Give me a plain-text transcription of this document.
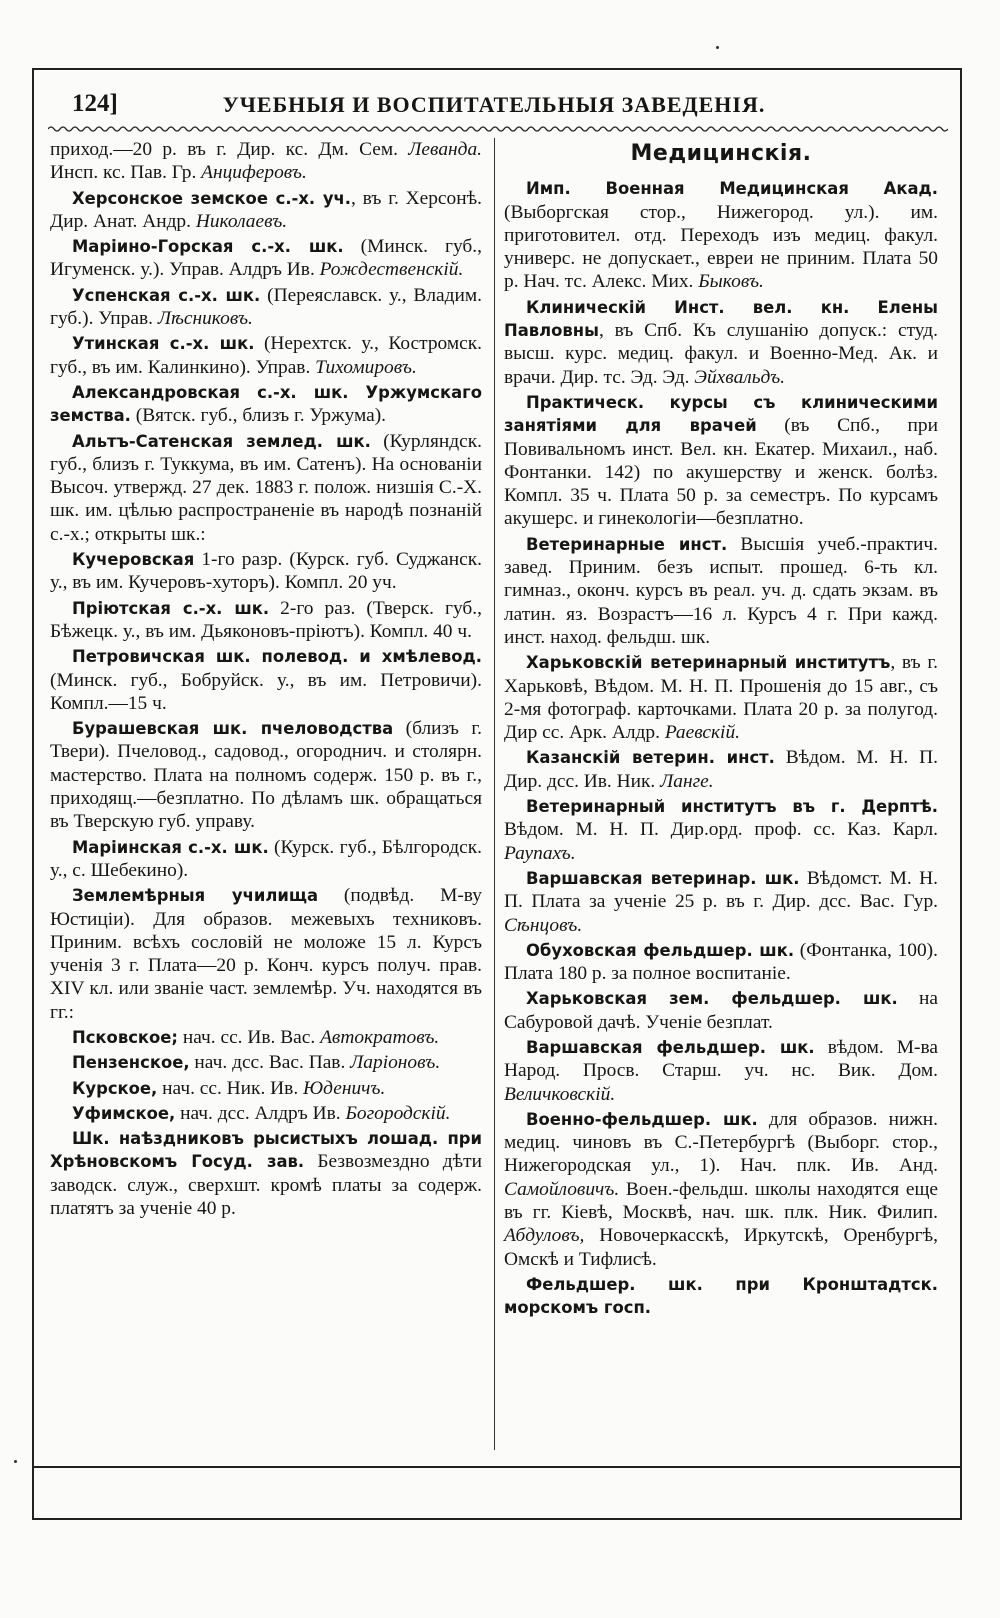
124]	УЧЕБНЫЯ И ВОСПИТАТЕЛЬНЫЯ ЗАВЕДЕНІЯ.
приход.—20 р. въ г. Дир. кс. Дм. Сем. Леванда. Инсп. кс. Пав. Гр. Анциферовъ.
Херсонское земское с.-х. уч., въ г. Херсонѣ. Дир. Анат. Андр. Николаевъ.
Маріино-Горская с.-х. шк. (Минск. губ., Игуменск. у.). Управ. Алдръ Ив. Рождественскій.
Успенская с.-х. шк. (Переяславск. у., Владим. губ.). Управ. Лѣсниковъ.
Утинская с.-х. шк. (Нерехтск. у., Костромск. губ., въ им. Калинкино). Управ. Тихомировъ.
Александровская с.-х. шк. Уржумскаго земства. (Вятск. губ., близъ г. Уржума).
Альтъ-Сатенская землед. шк. (Курляндск. губ., близъ г. Туккума, въ им. Сатенъ). На основаніи Высоч. утвержд. 27 дек. 1883 г. полож. низшія С.-Х. шк. им. цѣлью распространеніе въ народѣ познаній с.-х.; открыты шк.:
Кучеровская 1-го разр. (Курск. губ. Суджанск. у., въ им. Кучеровъ-хуторъ). Компл. 20 уч.
Пріютская с.-х. шк. 2-го раз. (Тверск. губ., Бѣжецк. у., въ им. Дьяконовъ-пріютъ). Компл. 40 ч.
Петровичская шк. полевод. и хмѣлевод. (Минск. губ., Бобруйск. у., въ им. Петровичи). Компл.—15 ч.
Бурашевская шк. пчеловодства (близъ г. Твери). Пчеловод., садовод., огороднич. и столярн. мастерство. Плата на полномъ содерж. 150 р. въ г., приходящ.—безплатно. По дѣламъ шк. обращаться въ Тверскую губ. управу.
Маріинская с.-х. шк. (Курск. губ., Бѣлгородск. у., с. Шебекино).
Землемѣрныя училища (подвѣд. М-ву Юстиціи). Для образов. межевыхъ техниковъ. Приним. всѣхъ сословій не моложе 15 л. Курсъ ученія 3 г. Плата—20 р. Конч. курсъ получ. прав. XIV кл. или званіе част. землемѣр. Уч. находятся въ гг.:
Псковское; нач. сс. Ив. Вас. Автократовъ.
Пензенское, нач. дсс. Вас. Пав. Ларіоновъ.
Курское, нач. сс. Ник. Ив. Юденичъ.
Уфимское, нач. дсс. Алдръ Ив. Богородскій.
Шк. наѣздниковъ рысистыхъ лошад. при Хрѣновскомъ Госуд. зав. Безвозмездно дѣти заводск. служ., сверхшт. кромѣ платы за содерж. платятъ за ученіе 40 р.
Медицинскія.
Имп. Военная Медицинская Акад. (Выборгская стор., Нижегород. ул.). им. приготовител. отд. Переходъ изъ медиц. факул. универс. не допускает., евреи не приним. Плата 50 р. Нач. тс. Алекс. Мих. Быковъ.
Клиническій Инст. вел. кн. Елены Павловны, въ Спб. Къ слушанію допуск.: студ. высш. курс. медиц. факул. и Военно-Мед. Ак. и врачи. Дир. тс. Эд. Эд. Эйхвальдъ.
Практическ. курсы съ клиническими занятіями для врачей (въ Спб., при Повивальномъ инст. Вел. кн. Екатер. Михаил., наб. Фонтанки. 142) по акушерству и женск. болѣз. Компл. 35 ч. Плата 50 р. за семестръ. По курсамъ акушерс. и гинекологіи—безплатно.
Ветеринарные инст. Высшія учеб.-практич. завед. Приним. безъ испыт. прошед. 6-ть кл. гимназ., оконч. курсъ въ реал. уч. д. сдать экзам. въ латин. яз. Возрастъ—16 л. Курсъ 4 г. При кажд. инст. наход. фельдш. шк.
Харьковскій ветеринарный институтъ, въ г. Харьковѣ, Вѣдом. М. Н. П. Прошенія до 15 авг., съ 2-мя фотограф. карточками. Плата 20 р. за полугод. Дир сс. Арк. Алдр. Раевскій.
Казанскій ветерин. инст. Вѣдом. М. Н. П. Дир. дсс. Ив. Ник. Ланге.
Ветеринарный институтъ въ г. Дерптѣ. Вѣдом. М. Н. П. Дир.орд. проф. сс. Каз. Карл. Раупахъ.
Варшавская ветеринар. шк. Вѣдомст. М. Н. П. Плата за ученіе 25 р. въ г. Дир. дсс. Вас. Гур. Сѣнцовъ.
Обуховская фельдшер. шк. (Фонтанка, 100). Плата 180 р. за полное воспитаніе.
Харьковская зем. фельдшер. шк. на Сабуровой дачѣ. Ученіе безплат.
Варшавская фельдшер. шк. вѣдом. М-ва Народ. Просв. Старш. уч. нс. Вик. Дом. Величковскій.
Военно-фельдшер. шк. для образов. нижн. медиц. чиновъ въ С.-Петербургѣ (Выборг. стор., Нижегородская ул., 1). Нач. плк. Ив. Анд. Самойловичъ. Воен.-фельдш. школы находятся еще въ гг. Кіевѣ, Москвѣ, нач. шк. плк. Ник. Филип. Абдуловъ, Новочеркасскѣ, Иркутскѣ, Оренбургѣ, Омскѣ и Тифлисѣ.
Фельдшер. шк. при Кронштадтск. морскомъ госп.
